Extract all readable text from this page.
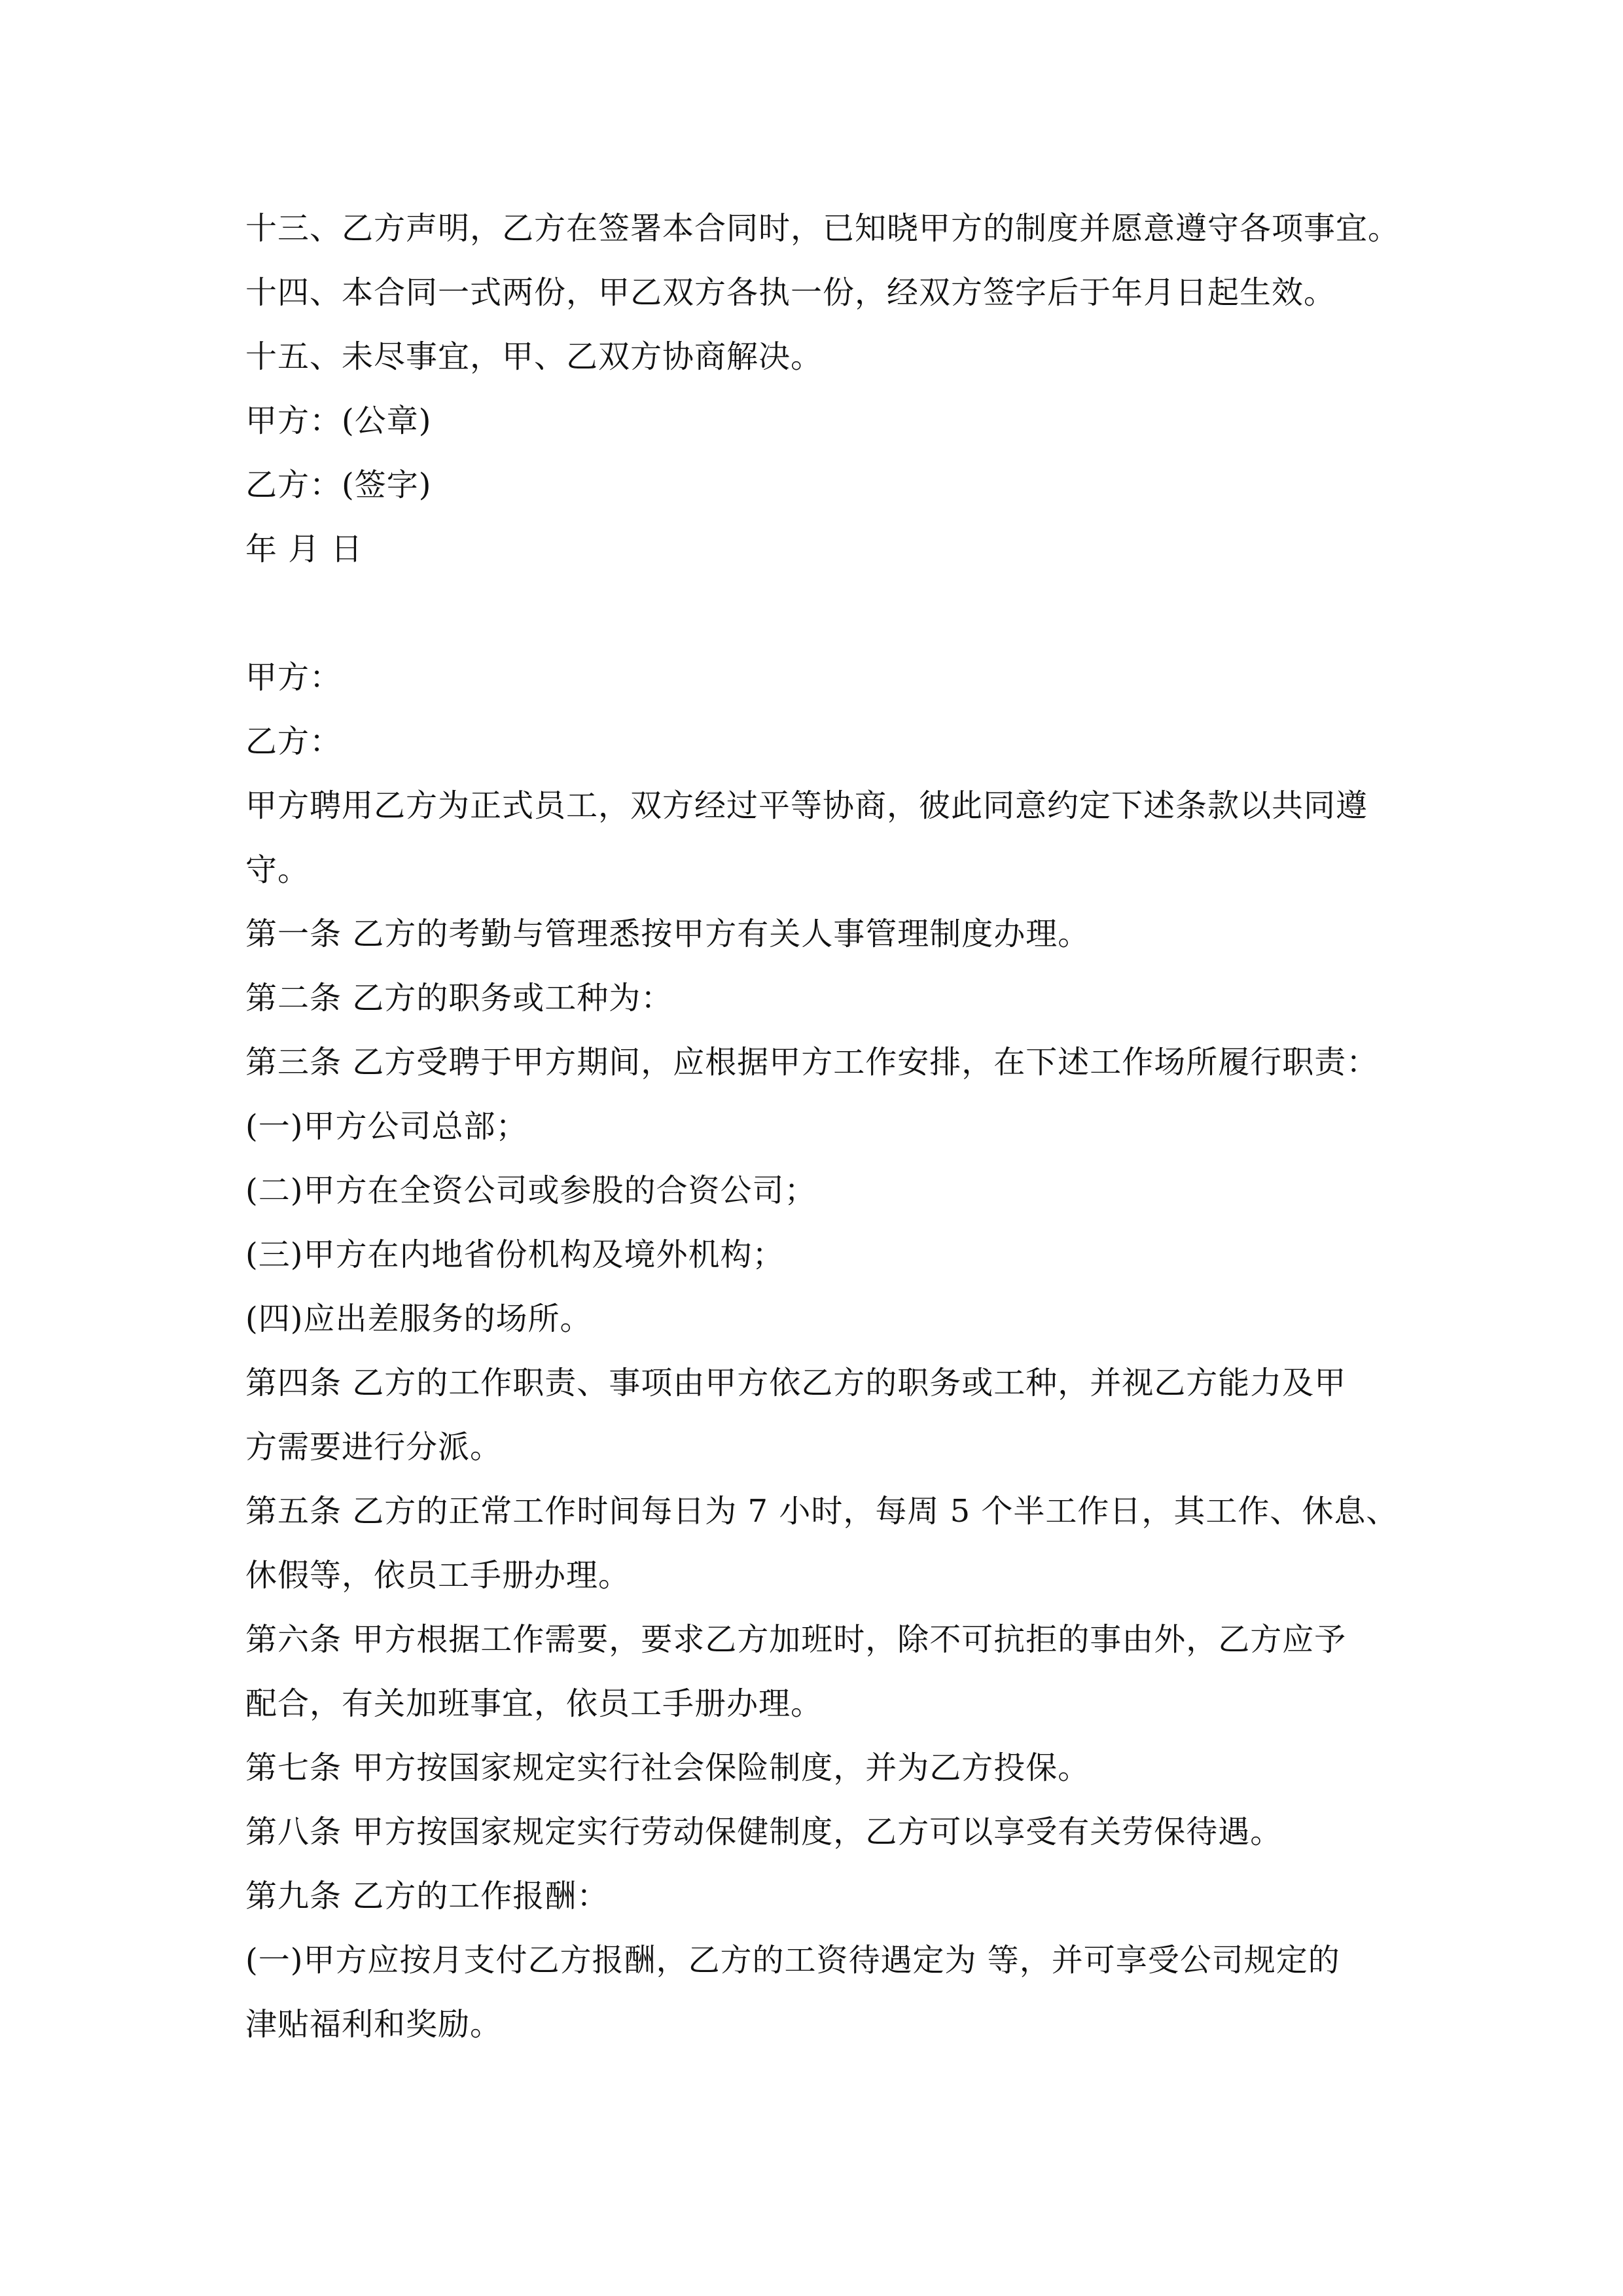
十三、乙方声明，乙方在签署本合同时，已知晓甲方的制度并愿意遵守各项事宜。
十四、本合同一式两份，甲乙双方各执一份，经双方签字后于年月日起生效。
十五、未尽事宜，甲、乙双方协商解决。
甲方：(公章)
乙方：(签字)
年 月 日
甲方：
乙方：
甲方聘用乙方为正式员工，双方经过平等协商，彼此同意约定下述条款以共同遵
守。
第一条 乙方的考勤与管理悉按甲方有关人事管理制度办理。
第二条 乙方的职务或工种为：
第三条 乙方受聘于甲方期间，应根据甲方工作安排，在下述工作场所履行职责：
(一)甲方公司总部；
(二)甲方在全资公司或参股的合资公司；
(三)甲方在内地省份机构及境外机构；
(四)应出差服务的场所。
第四条 乙方的工作职责、事项由甲方依乙方的职务或工种，并视乙方能力及甲
方需要进行分派。
第五条 乙方的正常工作时间每日为 7 小时，每周 5 个半工作日，其工作、休息、
休假等，依员工手册办理。
第六条 甲方根据工作需要，要求乙方加班时，除不可抗拒的事由外，乙方应予
配合，有关加班事宜，依员工手册办理。
第七条 甲方按国家规定实行社会保险制度，并为乙方投保。
第八条 甲方按国家规定实行劳动保健制度，乙方可以享受有关劳保待遇。
第九条 乙方的工作报酬：
(一)甲方应按月支付乙方报酬，乙方的工资待遇定为 等，并可享受公司规定的
津贴福利和奖励。
